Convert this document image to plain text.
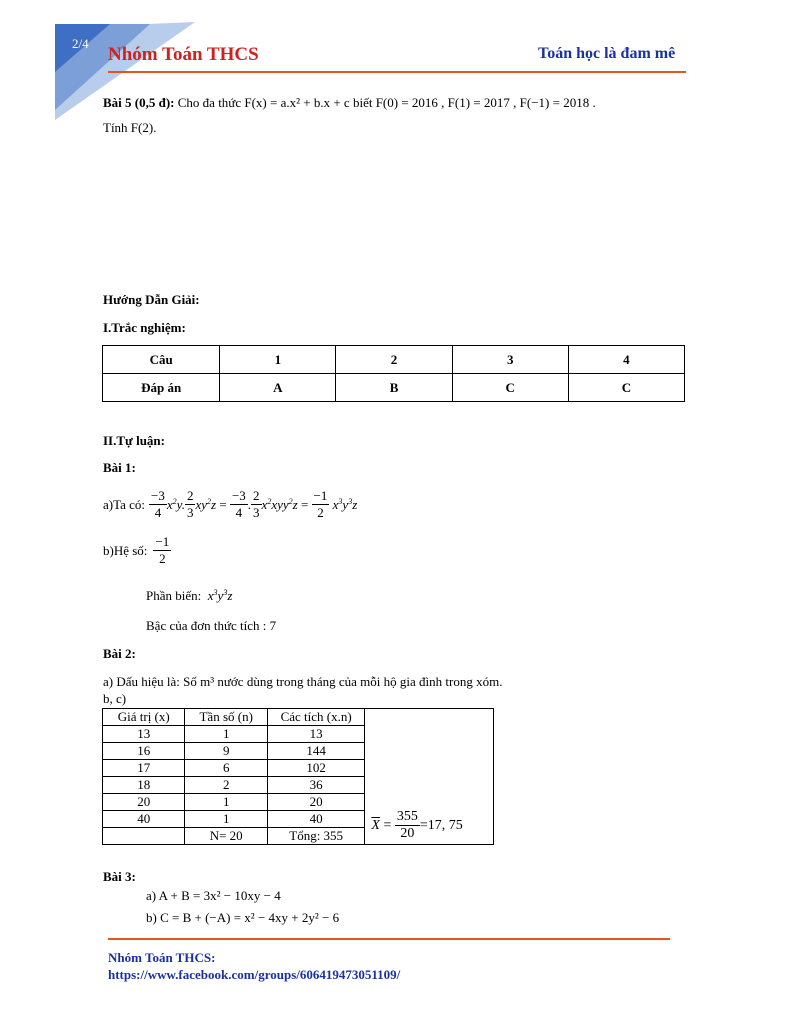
2/4
Nhóm Toán THCS	Toán học là đam mê
Bài 5 (0,5 đ): Cho đa thức F(x) = a.x² + b.x + c biết F(0) = 2016 , F(1) = 2017 , F(−1) = 2018 .
Tính F(2).
Hướng Dẫn Giải:
I.Trắc nghiệm:
Câu	1	2	3	4
Đáp án	A	B	C	C
II.Tự luận:
Bài 1:
a)Ta có: $\frac{-3}{4} x^2y$. $\frac{2}{3} xy^2z = \frac{-3}{4}$ . $\frac{2}{3} x^2xyy^2z = \frac{-1}{2} x^3y^3z$
b)Hệ số: $\frac{-1}{2}$
Phần biến:  $x^3y^3z$
Bậc của đơn thức tích : 7
Bài 2:
a) Dấu hiệu là: Số m³ nước dùng trong tháng của mỗi hộ gia đình trong xóm.
b, c)
Giá trị (x)	Tần số (n)	Các tích (x.n)	$\overline{X} = \frac{355}{20} =17$, 75

13	1	13	
16	9	144	
17	6	102	
18	2	36	
20	1	20	
40	1	40	
	N= 20	Tổng: 355	
Bài 3:
a) A + B = 3x² − 10xy − 4
b) C = B + (−A) = x² − 4xy + 2y² − 6
Nhóm Toán THCS:
https://www.facebook.com/groups/606419473051109/
